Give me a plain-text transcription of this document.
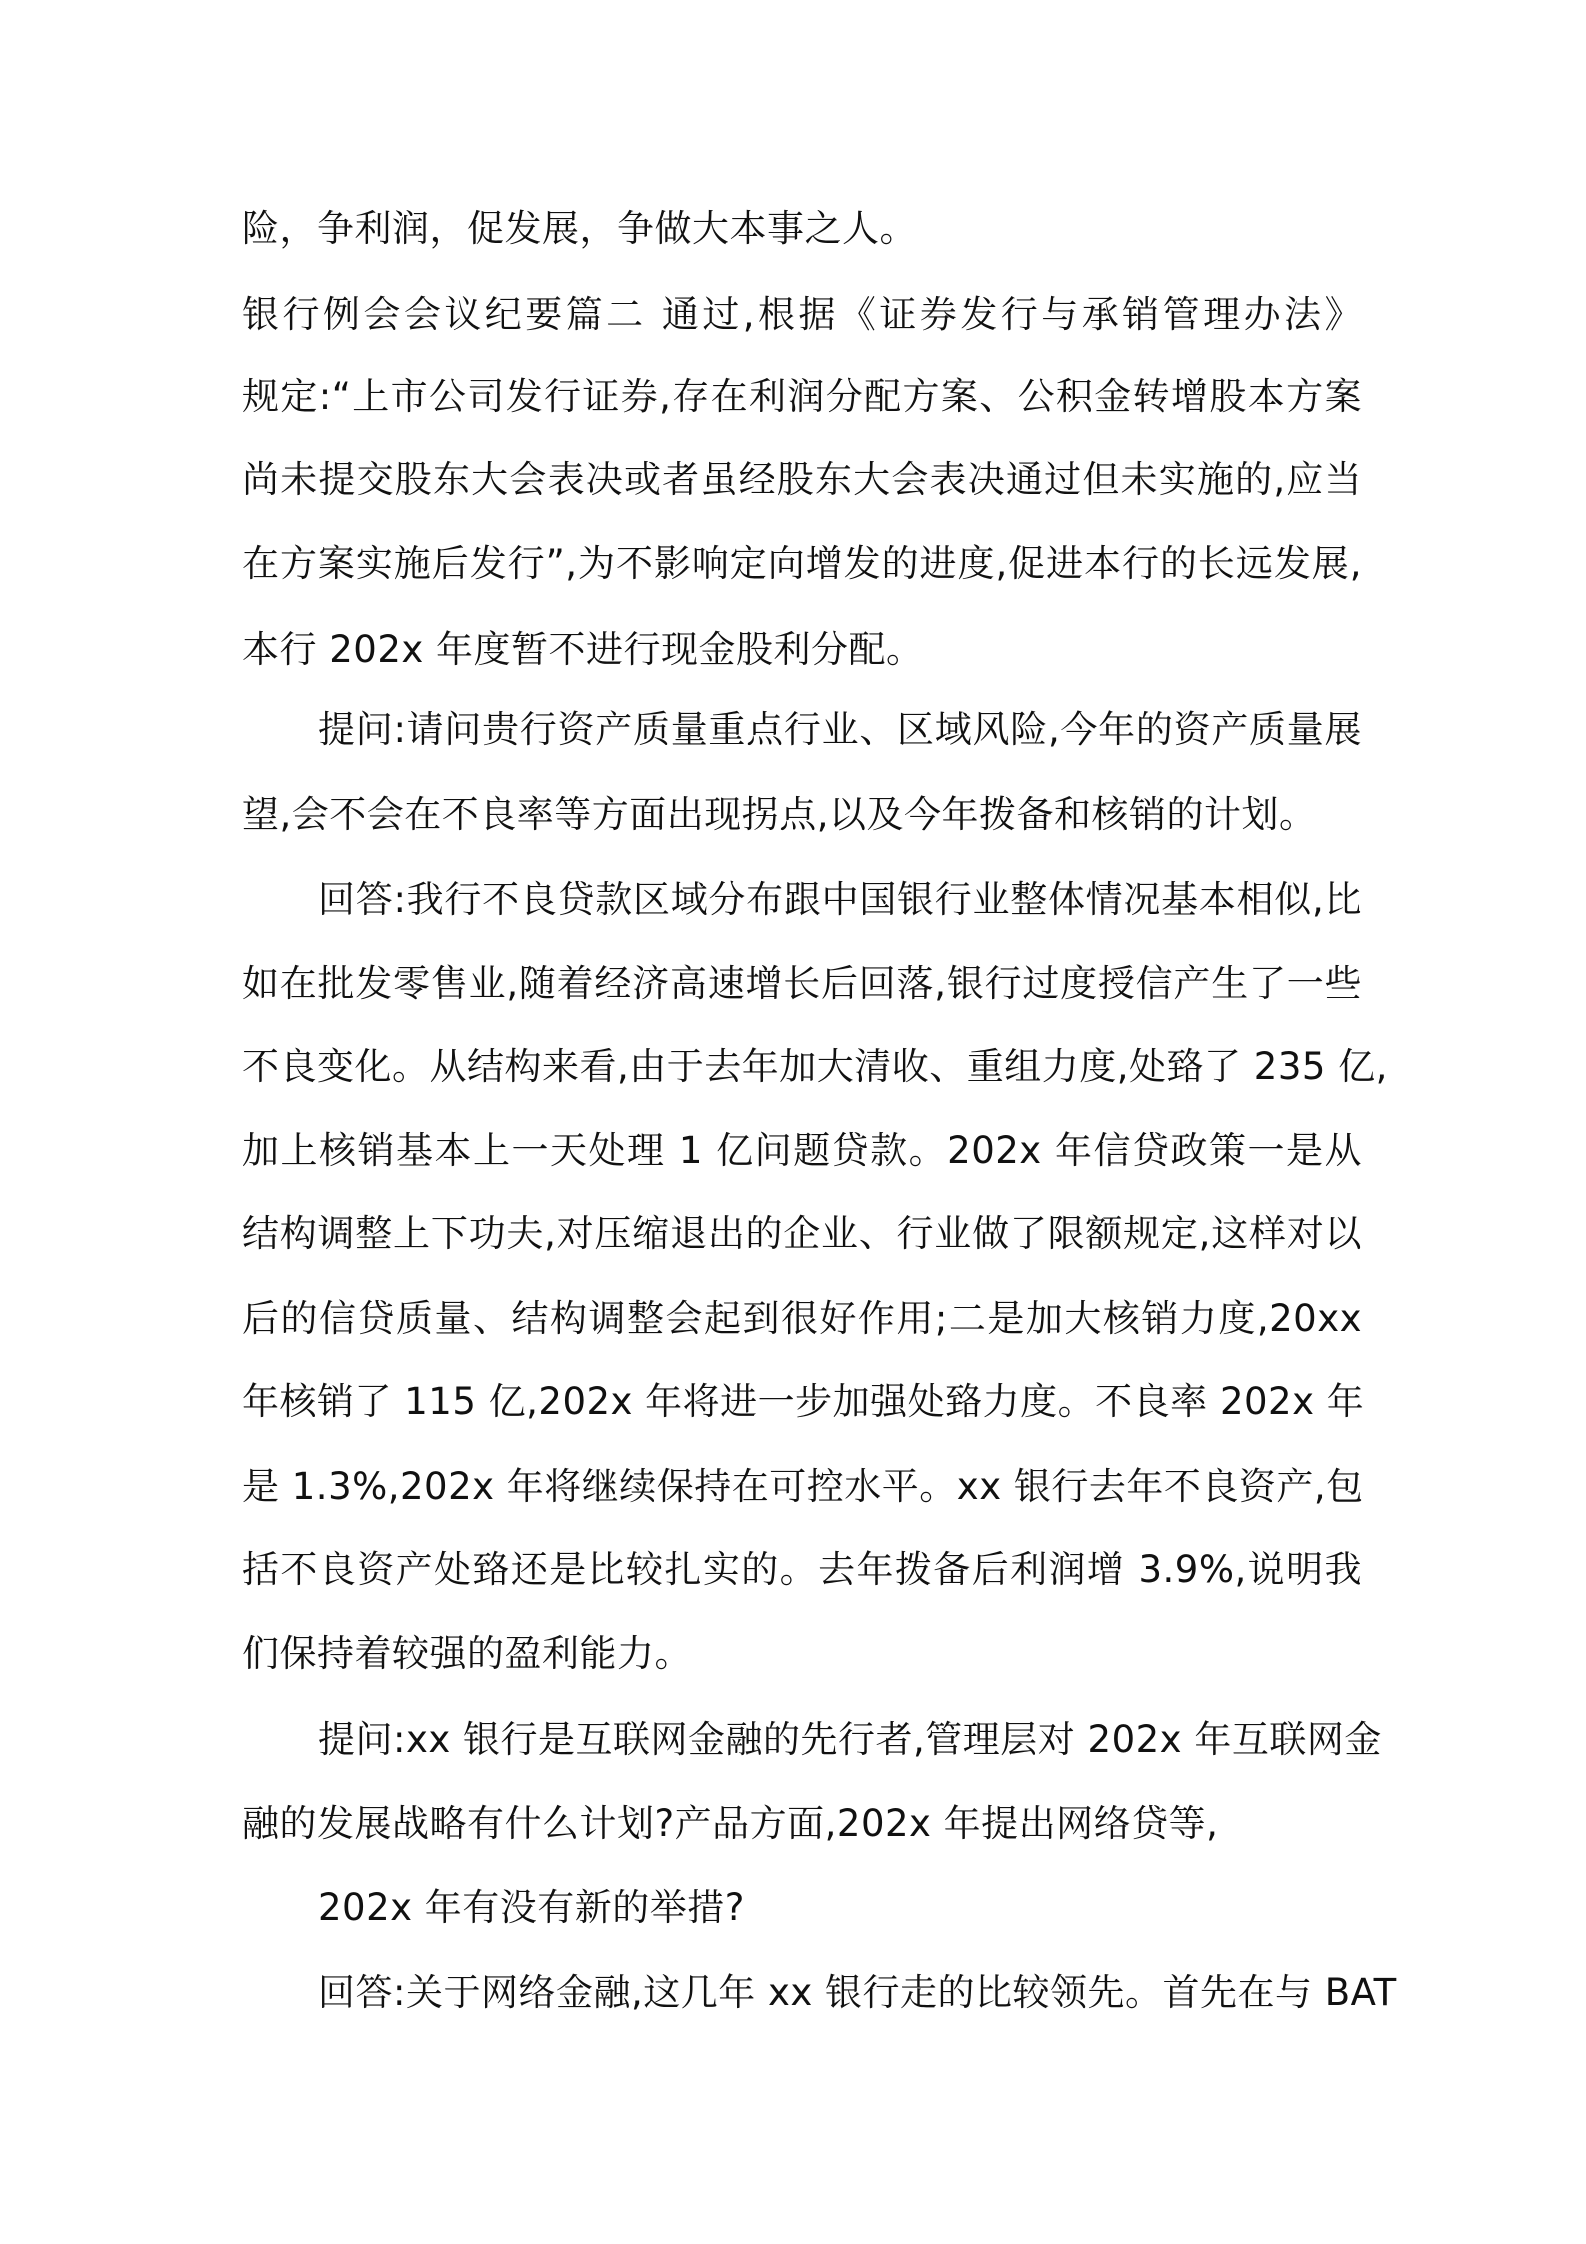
险，争利润，促发展，争做大本事之人。
银行例会会议纪要篇二 通过,根据《证券发行与承销管理办法》
规定:“上市公司发行证券,存在利润分配方案、公积金转增股本方案
尚未提交股东大会表决或者虽经股东大会表决通过但未实施的,应当
在方案实施后发行”,为不影响定向增发的进度,促进本行的长远发展,
本行 202x 年度暂不进行现金股利分配。
提问:请问贵行资产质量重点行业、区域风险,今年的资产质量展
望,会不会在不良率等方面出现拐点,以及今年拨备和核销的计划。
回答:我行不良贷款区域分布跟中国银行业整体情况基本相似,比
如在批发零售业,随着经济高速增长后回落,银行过度授信产生了一些
不良变化。从结构来看,由于去年加大清收、重组力度,处臵了 235 亿,
加上核销基本上一天处理 1 亿问题贷款。202x 年信贷政策一是从
结构调整上下功夫,对压缩退出的企业、行业做了限额规定,这样对以
后的信贷质量、结构调整会起到很好作用;二是加大核销力度,20xx
年核销了 115 亿,202x 年将进一步加强处臵力度。不良率 202x 年
是 1.3%,202x 年将继续保持在可控水平。xx 银行去年不良资产,包
括不良资产处臵还是比较扎实的。去年拨备后利润增 3.9%,说明我
们保持着较强的盈利能力。
提问:xx 银行是互联网金融的先行者,管理层对 202x 年互联网金
融的发展战略有什么计划?产品方面,202x 年提出网络贷等,
202x 年有没有新的举措?
回答:关于网络金融,这几年 xx 银行走的比较领先。首先在与 BAT
